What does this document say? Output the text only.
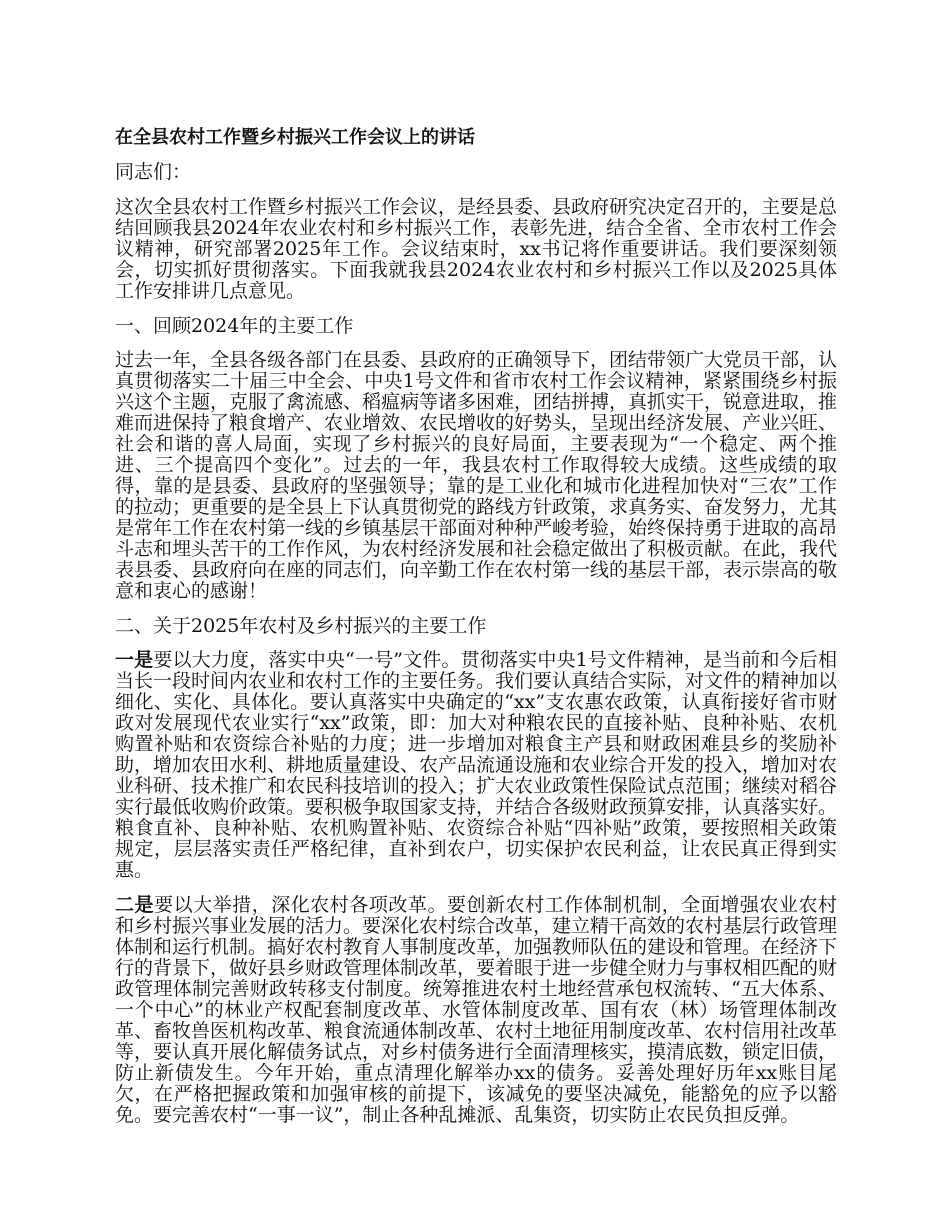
在全县农村工作暨乡村振兴工作会议上的讲话

同志们：

这次全县农村工作暨乡村振兴工作会议，是经县委、县政府研究决定召开的，主要是总结回顾我县2024年农业农村和乡村振兴工作，表彰先进，结合全省、全市农村工作会议精神，研究部署2025年工作。会议结束时，xx书记将作重要讲话。我们要深刻领会，切实抓好贯彻落实。下面我就我县2024农业农村和乡村振兴工作以及2025具体工作安排讲几点意见。

一、回顾2024年的主要工作

过去一年，全县各级各部门在县委、县政府的正确领导下，团结带领广大党员干部，认真贯彻落实二十届三中全会、中央1号文件和省市农村工作会议精神，紧紧围绕乡村振兴这个主题，克服了禽流感、稻瘟病等诸多困难，团结拼搏，真抓实干，锐意进取，推难而进保持了粮食增产、农业增效、农民增收的好势头，呈现出经济发展、产业兴旺、社会和谐的喜人局面，实现了乡村振兴的良好局面，主要表现为“一个稳定、两个推进、三个提高四个变化”。过去的一年，我县农村工作取得较大成绩。这些成绩的取得，靠的是县委、县政府的坚强领导；靠的是工业化和城市化进程加快对“三农”工作的拉动；更重要的是全县上下认真贯彻党的路线方针政策，求真务实、奋发努力，尤其是常年工作在农村第一线的乡镇基层干部面对种种严峻考验，始终保持勇于进取的高昂斗志和埋头苦干的工作作风，为农村经济发展和社会稳定做出了积极贡献。在此，我代表县委、县政府向在座的同志们，向辛勤工作在农村第一线的基层干部，表示崇高的敬意和衷心的感谢！

二、关于2025年农村及乡村振兴的主要工作

一是要以大力度，落实中央“一号”文件。贯彻落实中央1号文件精神，是当前和今后相当长一段时间内农业和农村工作的主要任务。我们要认真结合实际，对文件的精神加以细化、实化、具体化。要认真落实中央确定的“xx”支农惠农政策，认真衔接好省市财政对发展现代农业实行“xx”政策，即：加大对种粮农民的直接补贴、良种补贴、农机购置补贴和农资综合补贴的力度；进一步增加对粮食主产县和财政困难县乡的奖励补助，增加农田水利、耕地质量建设、农产品流通设施和农业综合开发的投入，增加对农业科研、技术推广和农民科技培训的投入；扩大农业政策性保险试点范围；继续对稻谷实行最低收购价政策。要积极争取国家支持，并结合各级财政预算安排，认真落实好。粮食直补、良种补贴、农机购置补贴、农资综合补贴“四补贴”政策，要按照相关政策规定，层层落实责任严格纪律，直补到农户，切实保护农民利益，让农民真正得到实惠。

二是要以大举措，深化农村各项改革。要创新农村工作体制机制，全面增强农业农村和乡村振兴事业发展的活力。要深化农村综合改革，建立精干高效的农村基层行政管理体制和运行机制。搞好农村教育人事制度改革，加强教师队伍的建设和管理。在经济下行的背景下，做好县乡财政管理体制改革，要着眼于进一步健全财力与事权相匹配的财政管理体制完善财政转移支付制度。统筹推进农村土地经营承包权流转、“五大体系、一个中心”的林业产权配套制度改革、水管体制度改革、国有农（林）场管理体制改革、畜牧兽医机构改革、粮食流通体制改革、农村土地征用制度改革、农村信用社改革等，要认真开展化解债务试点，对乡村债务进行全面清理核实，摸清底数，锁定旧债，防止新债发生。今年开始，重点清理化解举办xx的债务。妥善处理好历年xx账目尾欠，在严格把握政策和加强审核的前提下，该减免的要坚决减免，能豁免的应予以豁免。要完善农村“一事一议”，制止各种乱摊派、乱集资，切实防止农民负担反弹。
